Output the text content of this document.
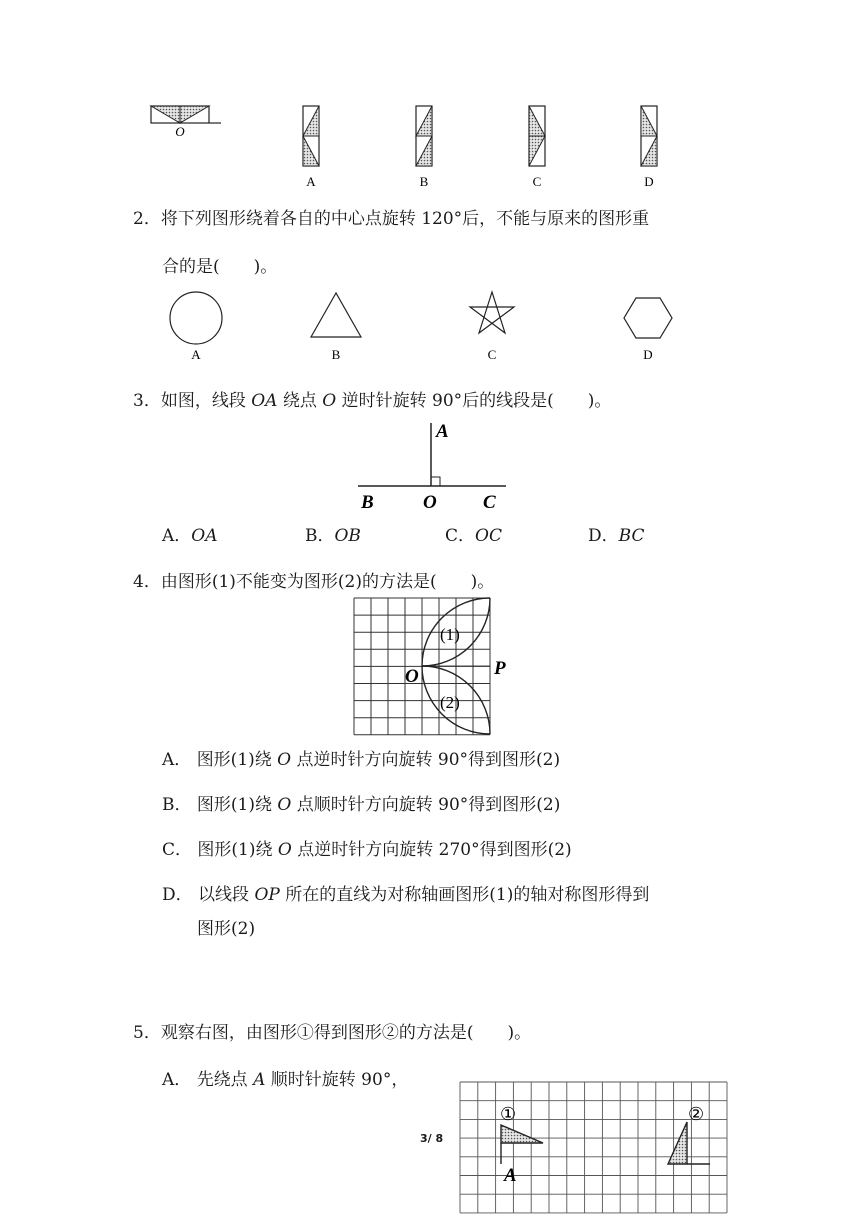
O
A	B	C	D
2．将下列图形绕着各自的中心点旋转 120°后，不能与原来的图形重
合的是(　　)。
A	B	C	D
3．如图，线段 OA 绕点 O 逆时针旋转 90°后的线段是(　　)。
A
B	O C
A．OA	B．OB	C．OC	D．BC
4．由图形(1)不能变为图形(2)的方法是(　　)。
(1)
(2)
O	P
A． 图形(1)绕 O 点逆时针方向旋转 90°得到图形(2)
B． 图形(1)绕 O 点顺时针方向旋转 90°得到图形(2)
C． 图形(1)绕 O 点逆时针方向旋转 270°得到图形(2)
D． 以线段 OP 所在的直线为对称轴画图形(1)的轴对称图形得到
图形(2)
5．观察右图，由图形①得到图形②的方法是(　　)。
A． 先绕点 A 顺时针旋转 90°，
①	②
A
3/ 8
